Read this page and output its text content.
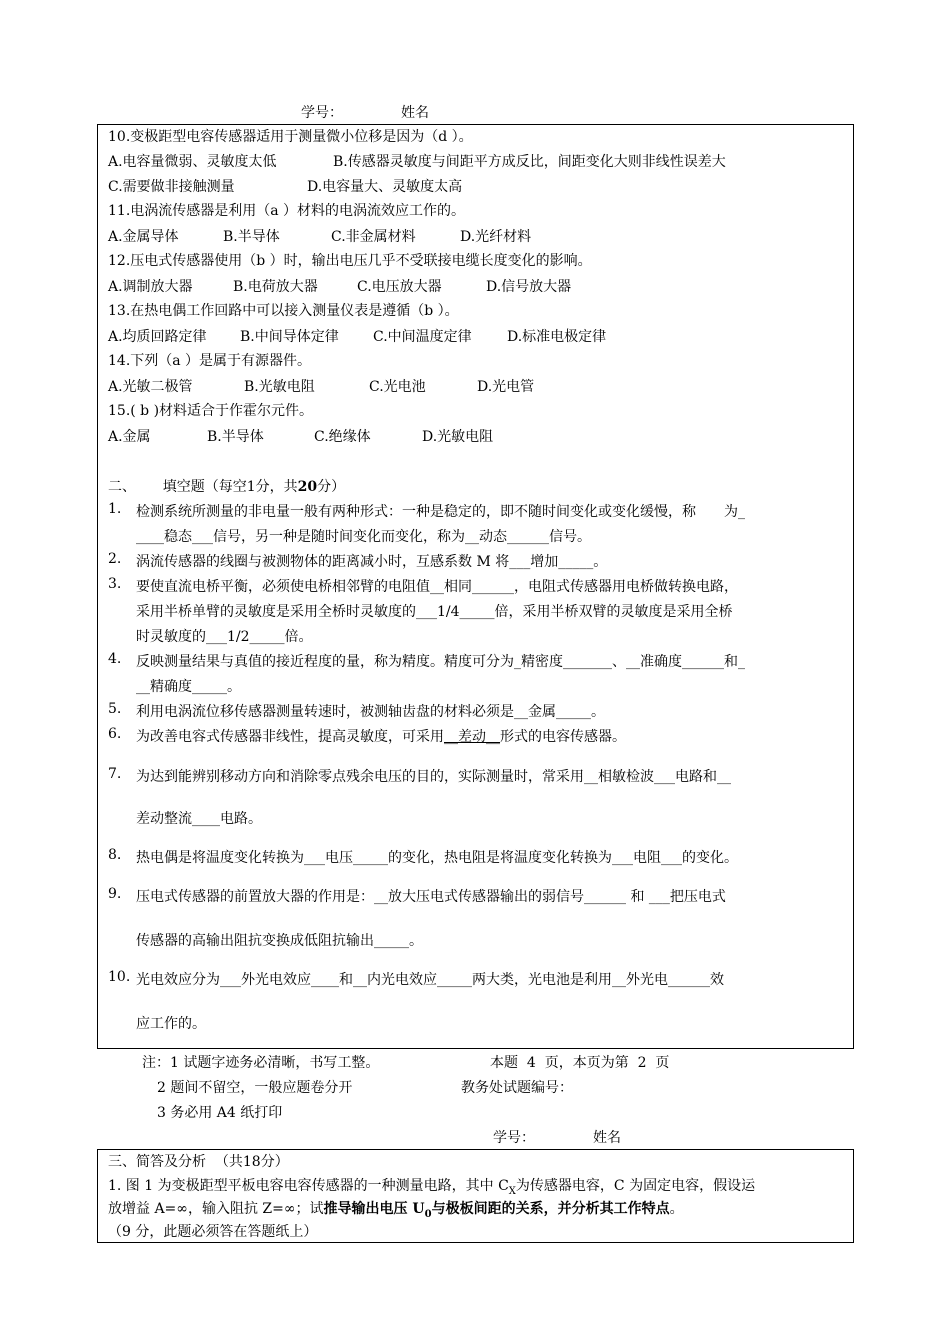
学号：	姓名
10.变极距型电容传感器适用于测量微小位移是因为（d ）。
A.电容量微弱、灵敏度太低	B.传感器灵敏度与间距平方成反比，间距变化大则非线性误差大
C.需要做非接触测量	D.电容量大、灵敏度太高
11.电涡流传感器是利用（a ）材料的电涡流效应工作的。
A.金属导体	B.半导体	C.非金属材料	D.光纤材料
12.压电式传感器使用（b ）时，输出电压几乎不受联接电缆长度变化的影响。
A.调制放大器	B.电荷放大器	C.电压放大器	D.信号放大器
13.在热电偶工作回路中可以接入测量仪表是遵循（b ）。
A.均质回路定律 B.中间导体定律 C.中间温度定律	D.标准电极定律
14.下列（a ）是属于有源器件。
A.光敏二极管	B.光敏电阻	C.光电池	D.光电管
15.( b )材料适合于作霍尔元件。
A.金属	B.半导体	C.绝缘体	D.光敏电阻
二、      填空题（每空1分，共20分）
1. 检测系统所测量的非电量一般有两种形式：一种是稳定的，即不随时间变化或变化缓慢，称　　为_
____稳态___信号，另一种是随时间变化而变化，称为__动态______信号。
2. 涡流传感器的线圈与被测物体的距离减小时，互感系数 M 将___增加_____。
3. 要使直流电桥平衡，必须使电桥相邻臂的电阻值__相同______，电阻式传感器用电桥做转换电路，
采用半桥单臂的灵敏度是采用全桥时灵敏度的___1/4_____倍，采用半桥双臂的灵敏度是采用全桥
时灵敏度的___1/2_____倍。
4. 反映测量结果与真值的接近程度的量，称为精度。精度可分为_精密度_______、__准确度______和_
__精确度_____。
5. 利用电涡流位移传感器测量转速时，被测轴齿盘的材料必须是__金属_____。
6. 为改善电容式传感器非线性，提高灵敏度，可采用__差动__形式的电容传感器。
7. 为达到能辨别移动方向和消除零点残余电压的目的，实际测量时，常采用__相敏检波___电路和__
差动整流____电路。
8. 热电偶是将温度变化转换为___电压_____的变化，热电阻是将温度变化转换为___电阻___的变化。
9. 压电式传感器的前置放大器的作用是：__放大压电式传感器输出的弱信号______ 和 ___把压电式
传感器的高输出阻抗变换成低阻抗输出_____。
10. 光电效应分为___外光电效应____和__内光电效应_____两大类，光电池是利用__外光电______效
应工作的。
注：1 试题字迹务必清晰，书写工整。	本题  4  页，本页为第  2  页
2 题间不留空，一般应题卷分开	教务处试题编号：
3 务必用 A4 纸打印
学号：	姓名
三、简答及分析  （共18分）
1. 图 1 为变极距型平板电容电容传感器的一种测量电路，其中 $C_X$为传感器电容，C 为固定电容，假设运
放增益 A=∞，输入阻抗 Z=∞；试推导输出电压 $U_0$与极板间距的关系，并分析其工作特点。
（9 分，此题必须答在答题纸上）
